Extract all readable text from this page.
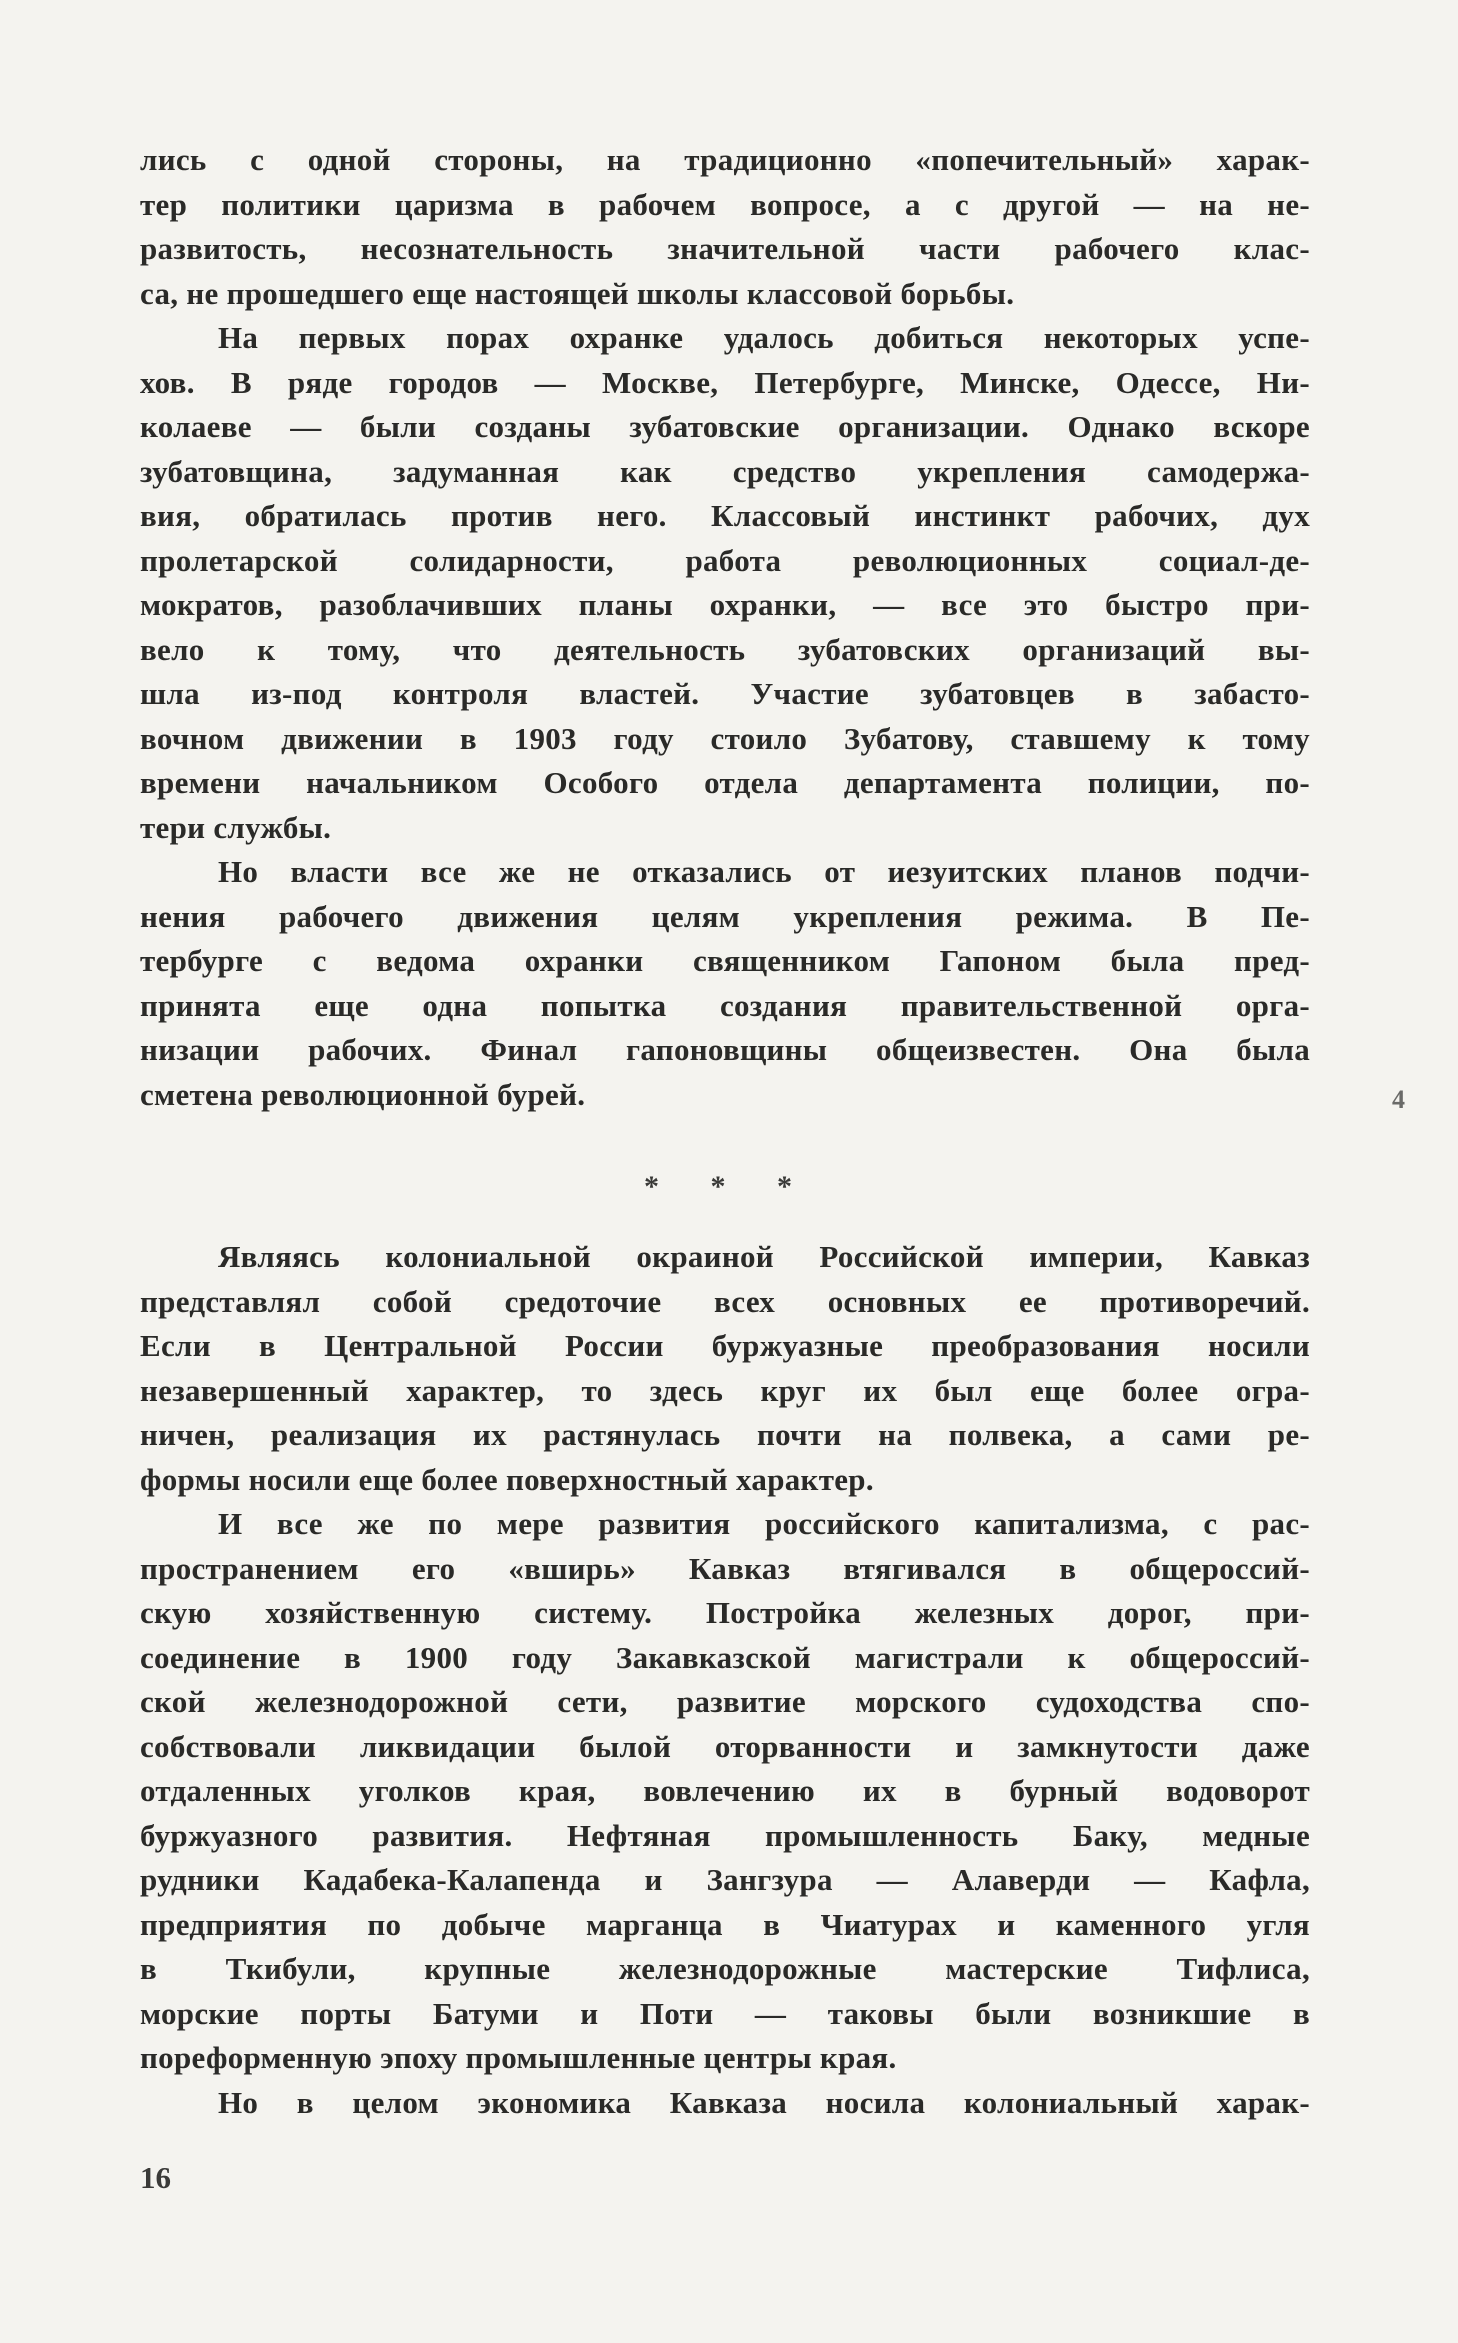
лись с одной стороны, на традиционно «попечительный» харак-
тер политики царизма в рабочем вопросе, а с другой — на не-
развитость, несознательность значительной части рабочего клас-
са, не прошедшего еще настоящей школы классовой борьбы.
На первых порах охранке удалось добиться некоторых успе-
хов. В ряде городов — Москве, Петербурге, Минске, Одессе, Ни-
колаеве — были созданы зубатовские организации. Однако вскоре
зубатовщина, задуманная как средство укрепления самодержа-
вия, обратилась против него. Классовый инстинкт рабочих, дух
пролетарской солидарности, работа революционных социал-де-
мократов, разоблачивших планы охранки, — все это быстро при-
вело к тому, что деятельность зубатовских организаций вы-
шла из-под контроля властей. Участие зубатовцев в забасто-
вочном движении в 1903 году стоило Зубатову, ставшему к тому
времени начальником Особого отдела департамента полиции, по-
тери службы.
Но власти все же не отказались от иезуитских планов подчи-
нения рабочего движения целям укрепления режима. В Пе-
тербурге с ведома охранки священником Гапоном была пред-
принята еще одна попытка создания правительственной орга-
низации рабочих. Финал гапоновщины общеизвестен. Она была
сметена революционной бурей.	4
* * *
Являясь колониальной окраиной Российской империи, Кавказ
представлял собой средоточие всех основных ее противоречий.
Если в Центральной России буржуазные преобразования носили
незавершенный характер, то здесь круг их был еще более огра-
ничен, реализация их растянулась почти на полвека, а сами ре-
формы носили еще более поверхностный характер.
И все же по мере развития российского капитализма, с рас-
пространением его «вширь» Кавказ втягивался в общероссий-
скую хозяйственную систему. Постройка железных дорог, при-
соединение в 1900 году Закавказской магистрали к общероссий-
ской железнодорожной сети, развитие морского судоходства спо-
собствовали ликвидации былой оторванности и замкнутости даже
отдаленных уголков края, вовлечению их в бурный водоворот
буржуазного развития. Нефтяная промышленность Баку, медные
рудники Кадабека-Калапенда и Зангзура — Алаверди — Кафла,
предприятия по добыче марганца в Чиатурах и каменного угля
в Ткибули, крупные железнодорожные мастерские Тифлиса,
морские порты Батуми и Поти — таковы были возникшие в
пореформенную эпоху промышленные центры края.
Но в целом экономика Кавказа носила колониальный харак-
16
